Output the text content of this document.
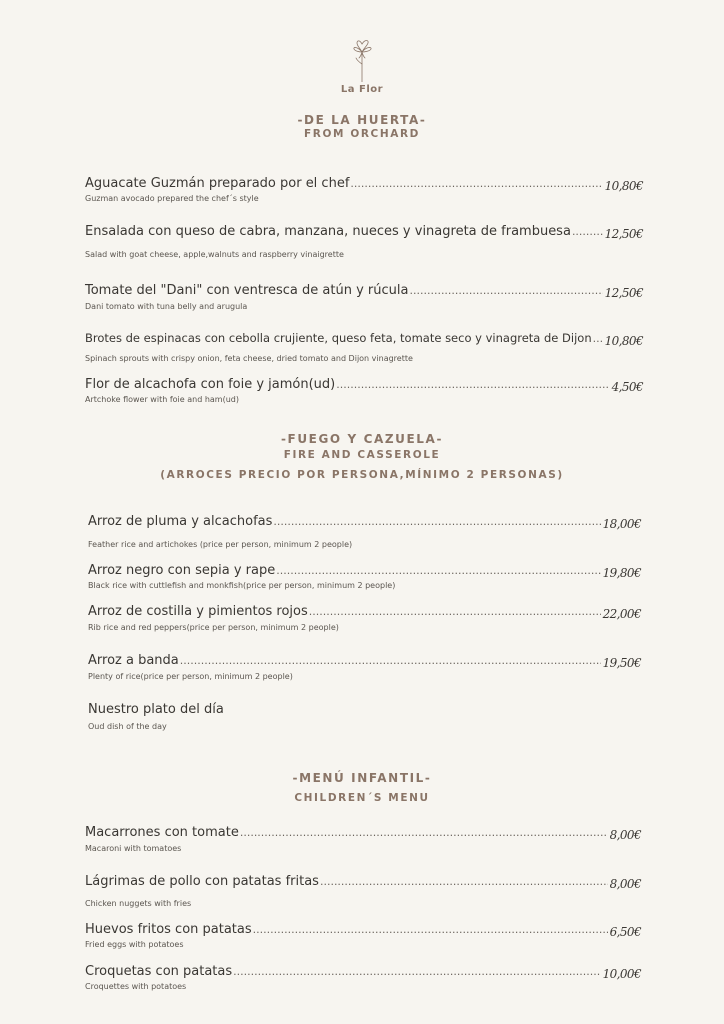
La Flor
-DE LA HUERTA-
FROM ORCHARD
Aguacate Guzmán preparado por el chef .....	10,80€
Guzman avocado prepared the chef´s style
Ensalada con queso de cabra, manzana, nueces y vinagreta de frambuesa .....	12,50€
Salad with goat cheese, apple,walnuts and raspberry vinaigrette
Tomate del "Dani" con ventresca de atún y rúcula .....	12,50€
Dani tomato with tuna belly and arugula
Brotes de espinacas con cebolla crujiente, queso feta, tomate seco y vinagreta de Dijon ..... 10,80€
Spinach sprouts with crispy onion, feta cheese, dried tomato and Dijon vinagrette
Flor de alcachofa con foie y jamón(ud) .....	4,50€
Artchoke flower with foie and ham(ud)
-FUEGO Y CAZUELA-
FIRE AND CASSEROLE
(ARROCES PRECIO POR PERSONA,MÍNIMO 2 PERSONAS)
Arroz de pluma y alcachofas .....	18,00€
Feather rice and artichokes (price per person, minimum 2 people)
Arroz negro con sepia y rape .....	19,80€
Black rice with cuttlefish and monkfish(price per person, minimum 2 people)
Arroz de costilla y pimientos rojos .....	22,00€
Rib rice and red peppers(price per person, minimum 2 people)
Arroz a banda .....	19,50€
Plenty of rice(price per person, minimum 2 people)
Nuestro plato del día
Oud dish of the day
-MENÚ INFANTIL-
CHILDREN´S MENU
Macarrones con tomate .....	8,00€
Macaroni with tomatoes
Lágrimas de pollo con patatas fritas .....	8,00€
Chicken nuggets with fries
Huevos fritos con patatas .....	6,50€
Fried eggs with potatoes
Croquetas con patatas .....	10,00€
Croquettes with potatoes
